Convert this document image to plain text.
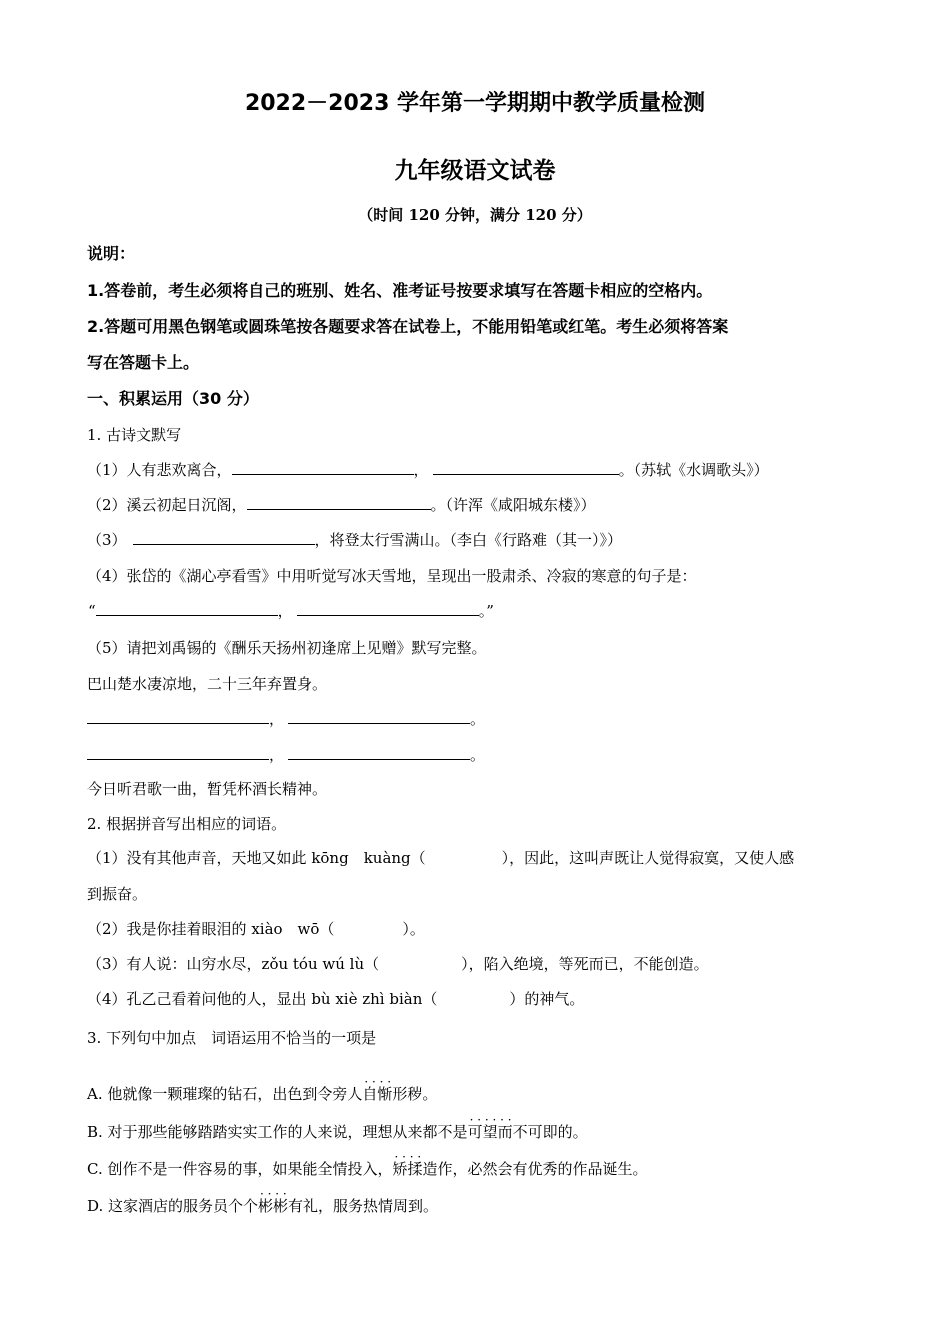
2022－2023 学年第一学期期中教学质量检测
九年级语文试卷
（时间 120 分钟，满分 120 分）
说明：
1.答卷前，考生必须将自己的班别、姓名、准考证号按要求填写在答题卡相应的空格内。
2.答题可用黑色钢笔或圆珠笔按各题要求答在试卷上，不能用铅笔或红笔。考生必须将答案
写在答题卡上。
一、积累运用（30 分）
1. 古诗文默写
（1）人有悲欢离合，	，	。（苏轼《水调歌头》）
（2）溪云初起日沉阁，	。（许浑《咸阳城东楼》）
（3）	，将登太行雪满山。（李白《行路难（其一）》）
（4）张岱的《湖心亭看雪》中用听觉写冰天雪地，呈现出一股肃杀、冷寂的寒意的句子是：
“	，	。”
（5）请把刘禹锡的《酬乐天扬州初逢席上见赠》默写完整。
巴山楚水凄凉地，二十三年弃置身。
，	。
，	。
今日听君歌一曲，暂凭杯酒长精神。
2. 根据拼音写出相应的词语。
（1）没有其他声音，天地又如此 kōng　kuàng（	），因此，这叫声既让人觉得寂寞，又使人感
到振奋。
（2）我是你挂着眼泪的 xiào　wō（	）。
（3）有人说：山穷水尽，zǒu tóu wú lù（	），陷入绝境，等死而已，不能创造。
（4）孔乙己看着问他的人，显出 bù xiè zhì biàn（	）的神气。
3. 下列句中加点　词语运用不恰当的一项是
A. 他就像一颗璀璨的钻石，出色到令旁人· · · · 自惭形秽。
B. 对于那些能够踏踏实实工作的人来说，理想从来都不是· · · 可望而不可即的。
C. 创作不是一件容易的事，如果能全情投入，· · · · 矫揉造作，必然会有优秀的作品诞生。
D. 这家酒店的服务员个个· · · · 彬彬有礼，服务热情周到。
